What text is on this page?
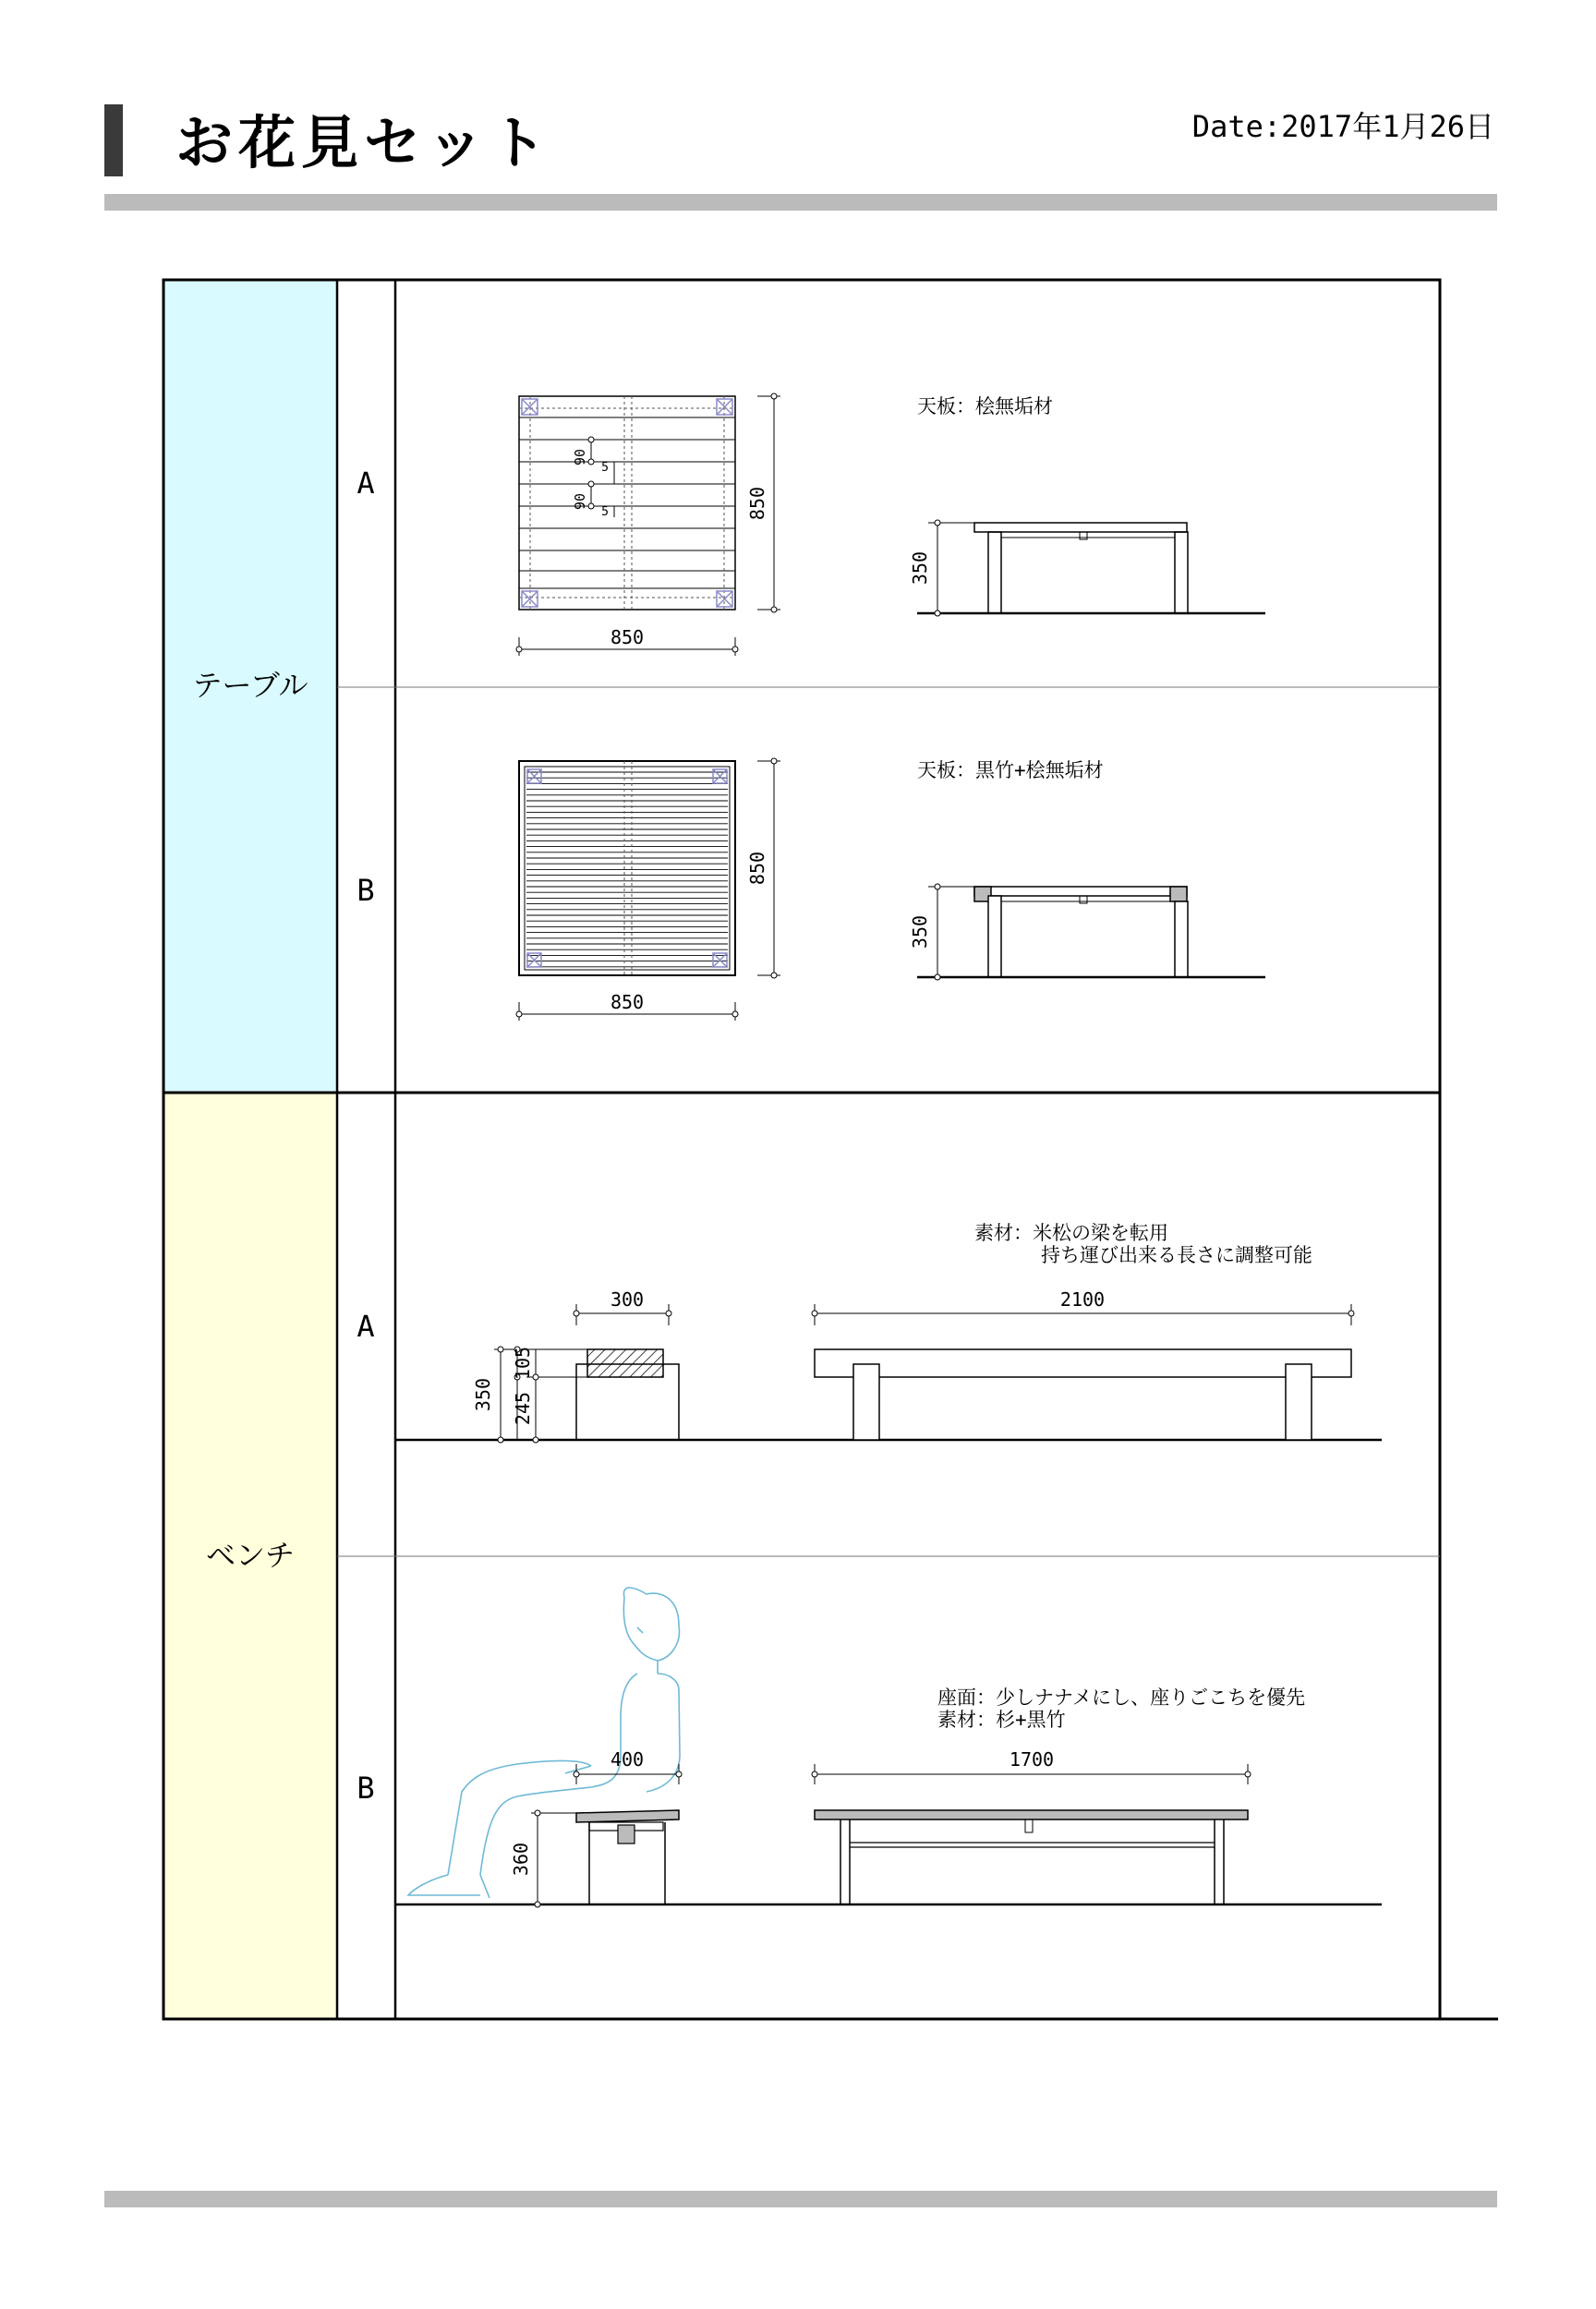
お花見セット	Date:2017年1月26日
テーブル
ベンチ
A
B
A
B
850
850
90
5
90
5
350
天板：桧無垢材
850
850
350
天板：黒竹+桧無垢材
300
350 245
105
2100
素材：米松の梁を転用
持ち運び出来る長さに調整可能
400
360
1700
座面：少しナナメにし、座りごこちを優先
素材：杉+黒竹
